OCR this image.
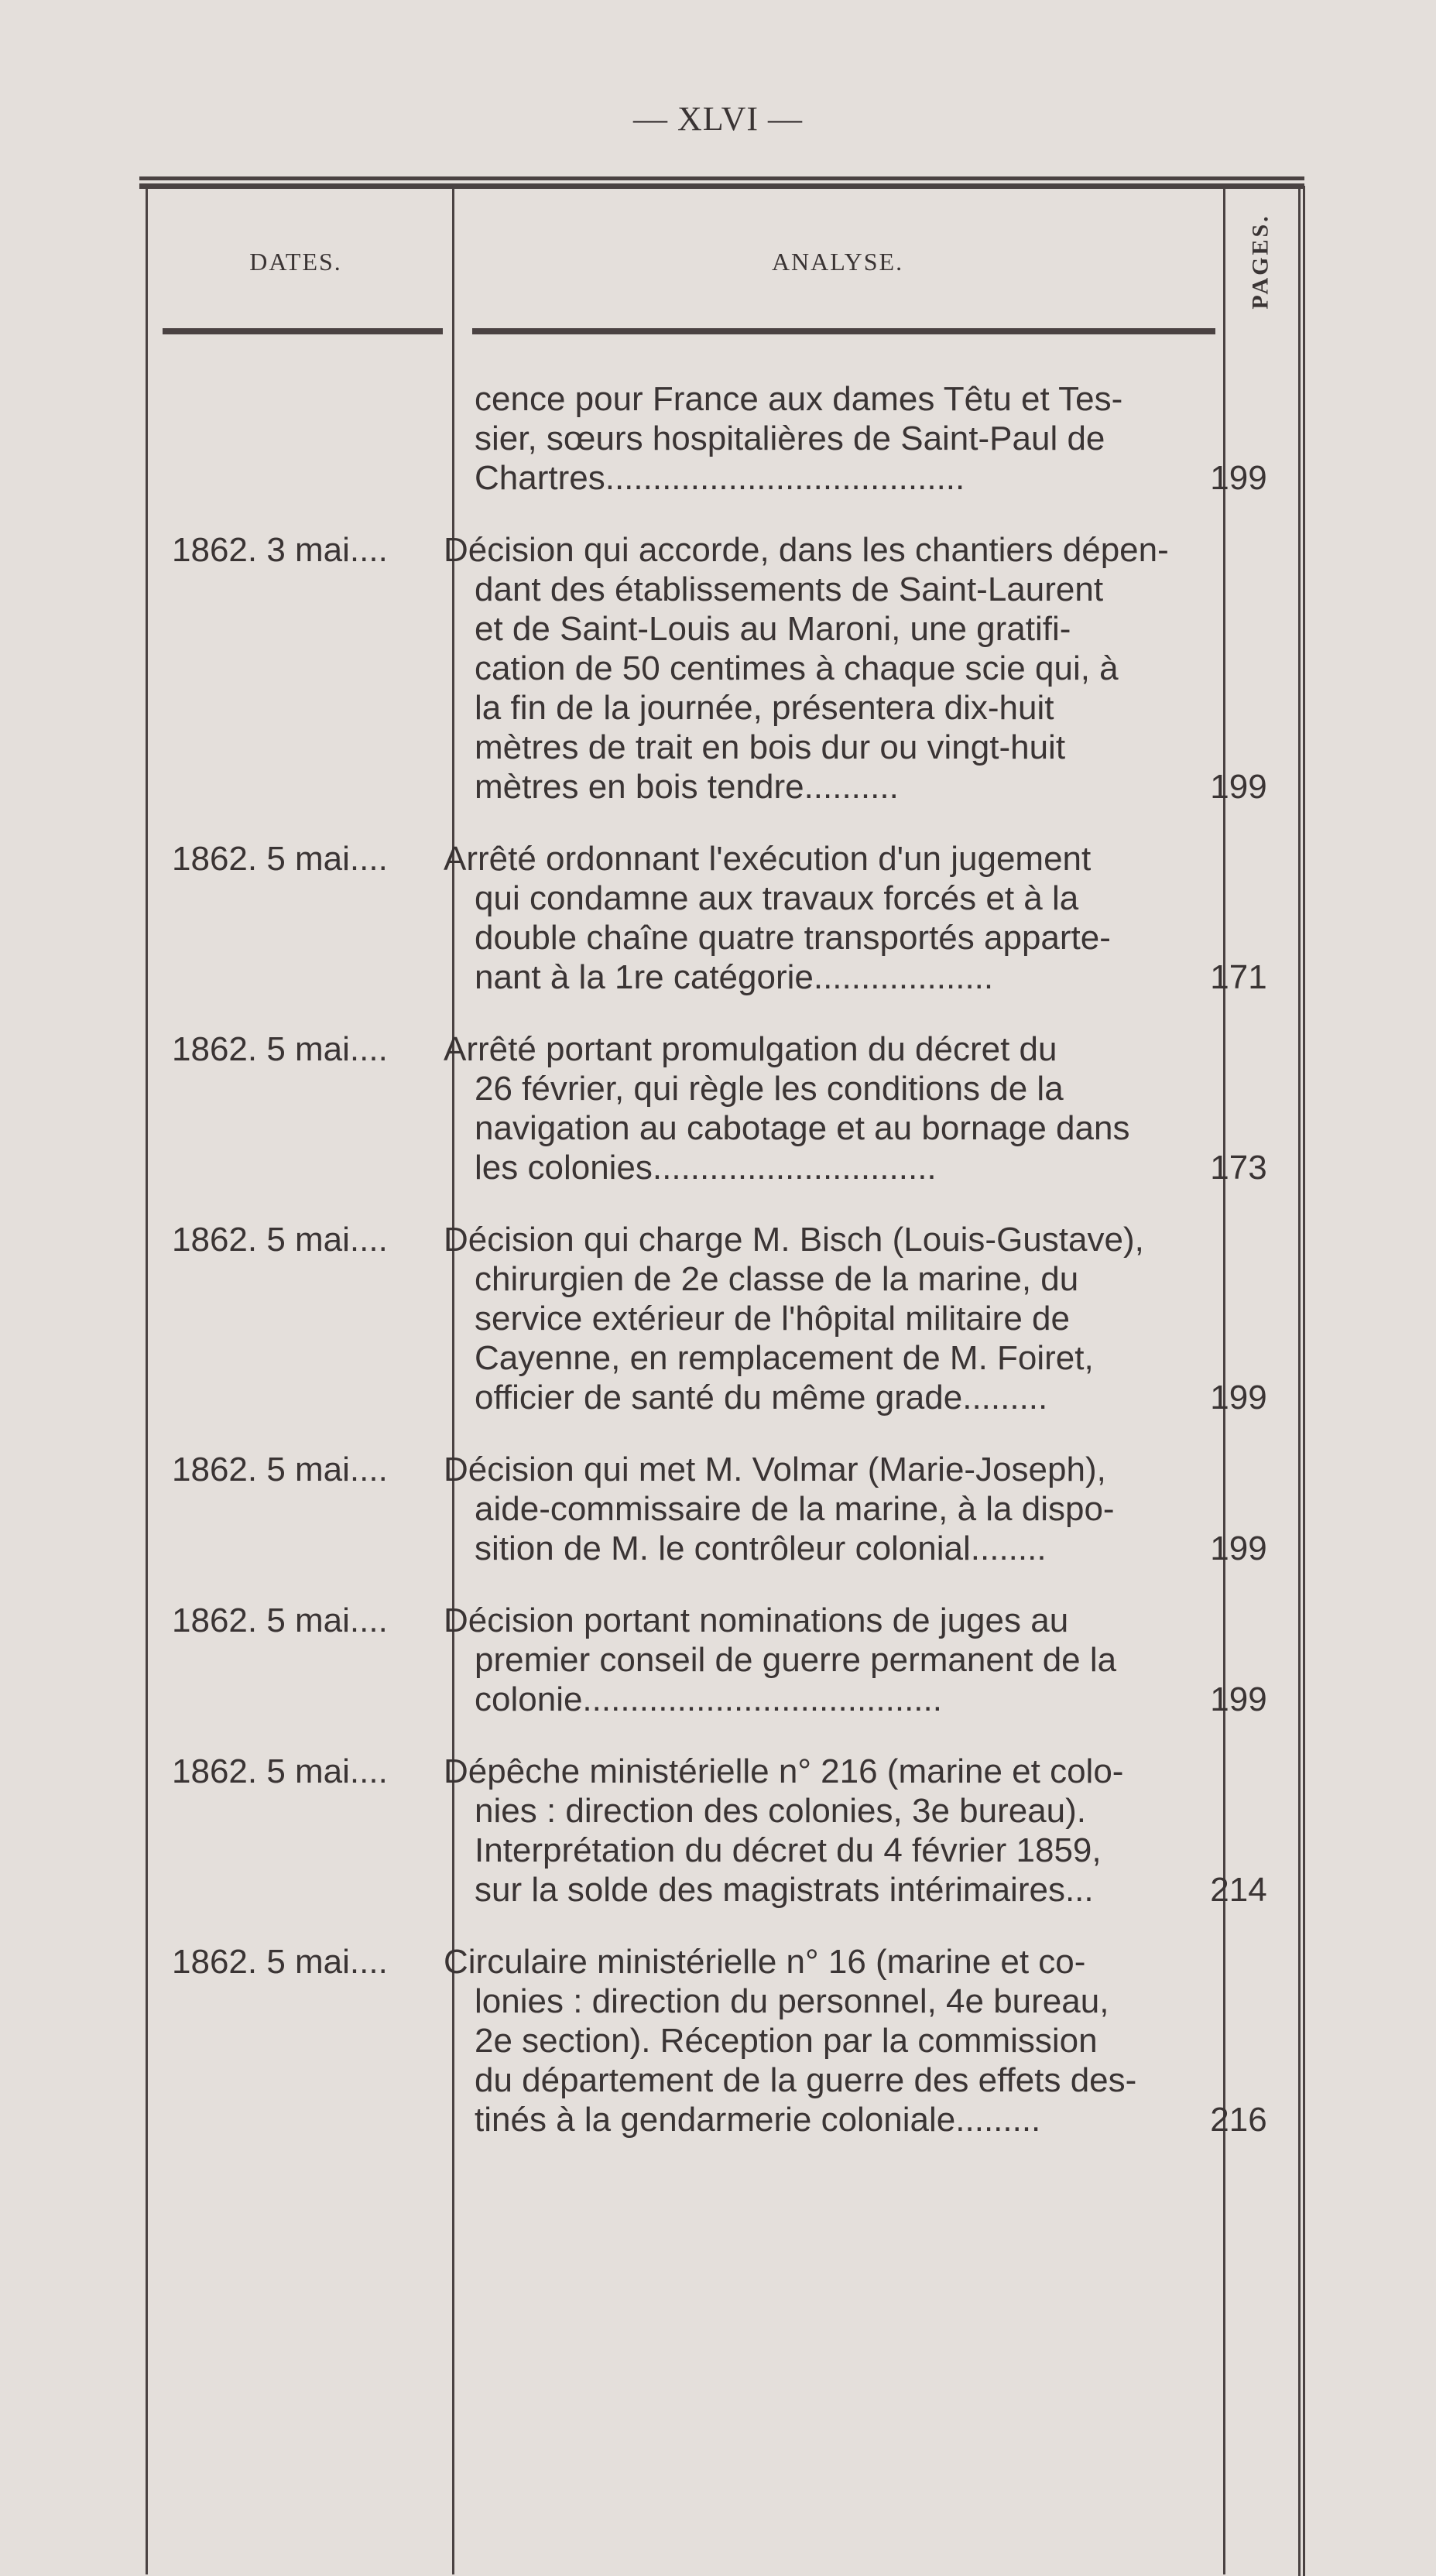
— XLVI —
DATES.	ANALYSE.	PAGES.
cence pour France aux dames Têtu et Tes-
sier, sœurs hospitalières de Saint-Paul de
Chartres......................................	199
1862. 3 mai....	Décision qui accorde, dans les chantiers dépen-
dant des établissements de Saint-Laurent
et de Saint-Louis au Maroni, une gratifi-
cation de 50 centimes à chaque scie qui, à
la fin de la journée, présentera dix-huit
mètres de trait en bois dur ou vingt-huit
mètres en bois tendre..........	199
1862. 5 mai....	Arrêté ordonnant l'exécution d'un jugement
qui condamne aux travaux forcés et à la
double chaîne quatre transportés apparte-
nant à la 1re catégorie...................	171
1862. 5 mai....	Arrêté portant promulgation du décret du
26 février, qui règle les conditions de la
navigation au cabotage et au bornage dans
les colonies..............................	173
1862. 5 mai....	Décision qui charge M. Bisch (Louis-Gustave),
chirurgien de 2e classe de la marine, du
service extérieur de l'hôpital militaire de
Cayenne, en remplacement de M. Foiret,
officier de santé du même grade.........	199
1862. 5 mai....	Décision qui met M. Volmar (Marie-Joseph),
aide-commissaire de la marine, à la dispo-
sition de M. le contrôleur colonial........	199
1862. 5 mai....	Décision portant nominations de juges au
premier conseil de guerre permanent de la
colonie......................................	199
1862. 5 mai....	Dépêche ministérielle n° 216 (marine et colo-
nies : direction des colonies, 3e bureau).
Interprétation du décret du 4 février 1859,
sur la solde des magistrats intérimaires...	214
1862. 5 mai....	Circulaire ministérielle n° 16 (marine et co-
lonies : direction du personnel, 4e bureau,
2e section). Réception par la commission
du département de la guerre des effets des-
tinés à la gendarmerie coloniale.........	216
